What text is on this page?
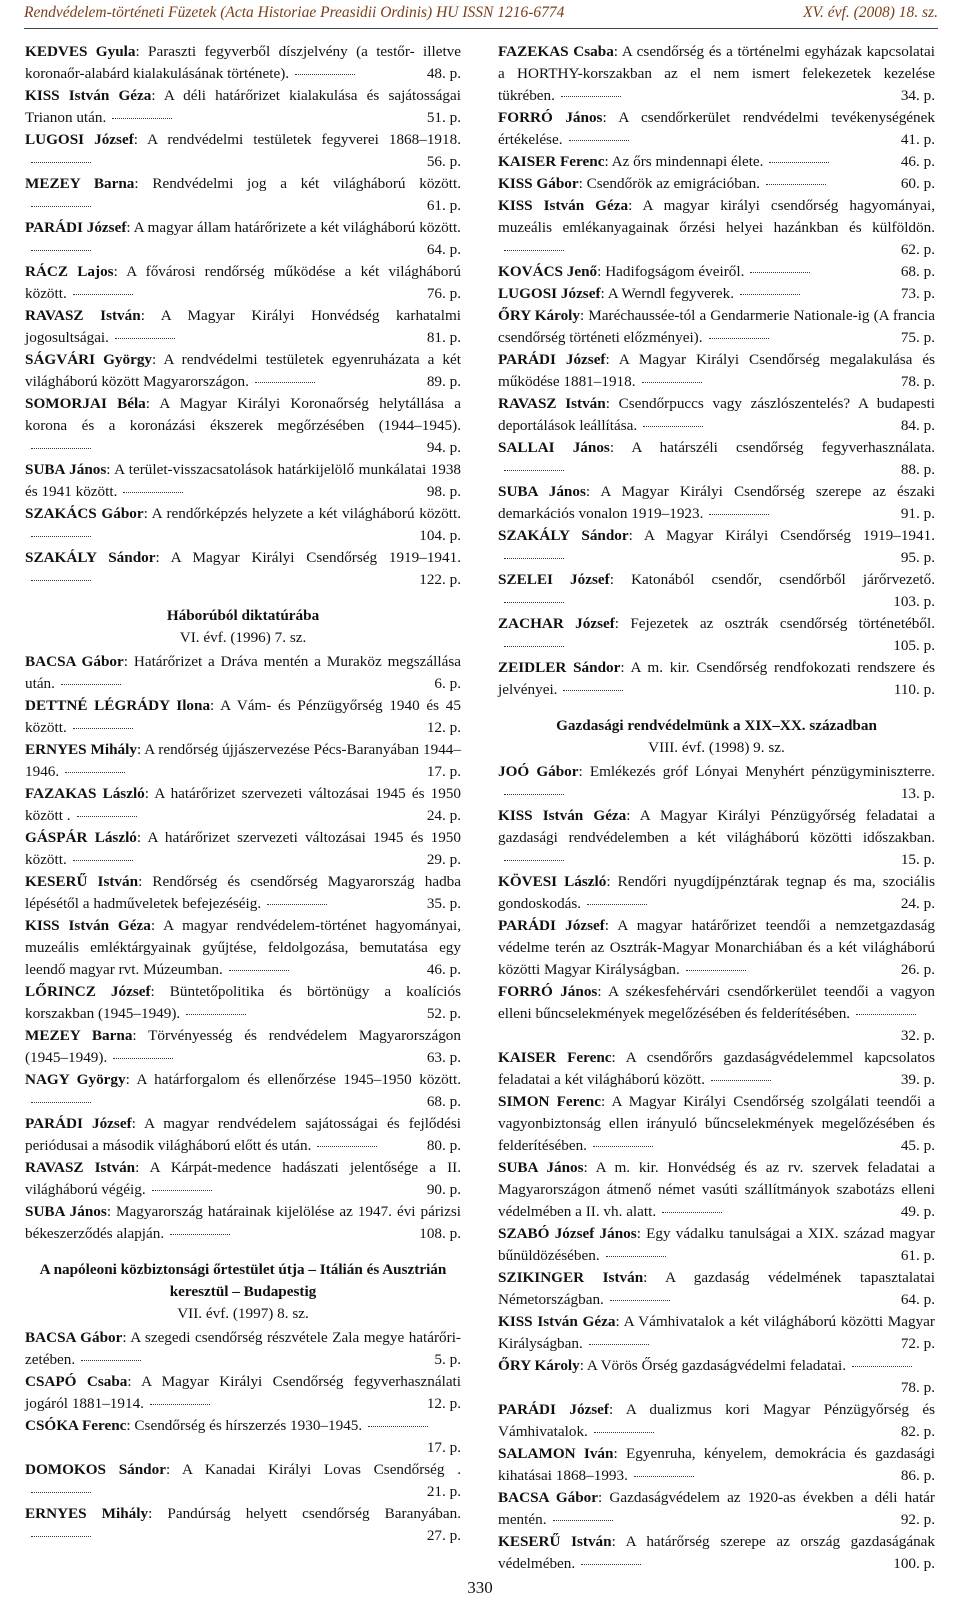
Rendvédelem-történeti Füzetek (Acta Historiae Preasidii Ordinis) HU ISSN 1216-6774	XV. évf. (2008) 18. sz.
KEDVES Gyula: Paraszti fegyverből díszjelvény (a testőr- illetve koronaőr-alabárd kialakulásának története).	48. p.
KISS István Géza: A déli határőrizet kialakulása és sajátosságai Trianon után.	51. p.
LUGOSI József: A rendvédelmi testületek fegyverei 1868–1918.
56. p.
MEZEY Barna: Rendvédelmi jog a két világháború között.
61. p.
PARÁDI József: A magyar állam határőrizete a két világháború között.
64. p.
RÁCZ Lajos: A fővárosi rendőrség működése a két világháború között.	76. p.
RAVASZ István: A Magyar Királyi Honvédség karhatalmi jogosultságai.	81. p.
SÁGVÁRI György: A rendvédelmi testületek egyenruházata a két világháború között Magyarországon.	89. p.
SOMORJAI Béla: A Magyar Királyi Koronaőrség helytállása a korona és a koronázási ékszerek megőrzésében (1944–1945).
94. p.
SUBA János: A terület-visszacsatolások határkijelölő munkálatai 1938 és 1941 között.	98. p.
SZAKÁCS Gábor: A rendőrképzés helyzete a két világháború között.
104. p.
SZAKÁLY Sándor: A Magyar Királyi Csendőrség 1919–1941.
122. p.
Háborúból diktatúrába
VI. évf. (1996) 7. sz.
BACSA Gábor: Határőrizet a Dráva mentén a Muraköz megszállása után.	6. p.
DETTNÉ LÉGRÁDY Ilona: A Vám- és Pénzügyőrség 1940 és 45 között.	12. p.
ERNYES Mihály: A rendőrség újjászervezése Pécs-Baranyában 1944–1946.	17. p.
FAZAKAS László: A határőrizet szervezeti változásai 1945 és 1950 között .	24. p.
GÁSPÁR László: A határőrizet szervezeti változásai 1945 és 1950 között.	29. p.
KESERŰ István: Rendőrség és csendőrség Magyarország hadba lépésétől a hadműveletek befejezéséig.	35. p.
KISS István Géza: A magyar rendvédelem-történet hagyományai, muzeális emléktárgyainak gyűjtése, feldolgozása, bemutatása egy leendő magyar rvt. Múzeumban.	46. p.
LŐRINCZ József: Büntetőpolitika és börtönügy a koalíciós korszakban (1945–1949).	52. p.
MEZEY Barna: Törvényesség és rendvédelem Magyarországon (1945–1949).	63. p.
NAGY György: A határforgalom és ellenőrzése 1945–1950 között.
68. p.
PARÁDI József: A magyar rendvédelem sajátosságai és fejlődési periódusai a második világháború előtt és után.	80. p.
RAVASZ István: A Kárpát-medence hadászati jelentősége a II. világháború végéig.	90. p.
SUBA János: Magyarország határainak kijelölése az 1947. évi párizsi békeszerződés alapján.	108. p.
A napóleoni közbiztonsági őrtestület útja – Itálián és Ausztrián keresztül – Budapestig
VII. évf. (1997) 8. sz.
BACSA Gábor: A szegedi csendőrség részvétele Zala megye határőri-zetében.	5. p.
CSAPÓ Csaba: A Magyar Királyi Csendőrség fegyverhasználati jogáról 1881–1914.	12. p.
CSÓKA Ferenc: Csendőrség és hírszerzés 1930–1945.
17. p.
DOMOKOS Sándor: A Kanadai Királyi Lovas Csendőrség .
21. p.
ERNYES Mihály: Pandúrság helyett csendőrség Baranyában.
27. p.
FAZEKAS Csaba: A csendőrség és a történelmi egyházak kapcsolatai a HORTHY-korszakban az el nem ismert felekezetek kezelése tükrében.	34. p.
FORRÓ János: A csendőrkerület rendvédelmi tevékenységének értékelése.	41. p.
KAISER Ferenc: Az őrs mindennapi élete.	46. p.
KISS Gábor: Csendőrök az emigrációban.	60. p.
KISS István Géza: A magyar királyi csendőrség hagyományai, muzeális emlékanyagainak őrzési helyei hazánkban és külföldön.
62. p.
KOVÁCS Jenő: Hadifogságom éveiről.	68. p.
LUGOSI József: A Werndl fegyverek.	73. p.
ŐRY Károly: Maréchaussée-tól a Gendarmerie Nationale-ig (A francia csendőrség történeti előzményei).	75. p.
PARÁDI József: A Magyar Királyi Csendőrség megalakulása és működése 1881–1918.	78. p.
RAVASZ István: Csendőrpuccs vagy zászlószentelés? A budapesti deportálások leállítása.	84. p.
SALLAI János: A határszéli csendőrség fegyverhasználata.
88. p.
SUBA János: A Magyar Királyi Csendőrség szerepe az északi demarkációs vonalon 1919–1923.	91. p.
SZAKÁLY Sándor: A Magyar Királyi Csendőrség 1919–1941.
95. p.
SZELEI József: Katonából csendőr, csendőrből járőrvezető.
103. p.
ZACHAR József: Fejezetek az osztrák csendőrség történetéből.
105. p.
ZEIDLER Sándor: A m. kir. Csendőrség rendfokozati rendszere és jelvényei.	110. p.
Gazdasági rendvédelmünk a XIX–XX. században
VIII. évf. (1998) 9. sz.
JOÓ Gábor: Emlékezés gróf Lónyai Menyhért pénzügyminiszterre.
13. p.
KISS István Géza: A Magyar Királyi Pénzügyőrség feladatai a gazdasági rendvédelemben a két világháború közötti időszakban.
15. p.
KÖVESI László: Rendőri nyugdíjpénztárak tegnap és ma, szociális gondoskodás.	24. p.
PARÁDI József: A magyar határőrizet teendői a nemzetgazdaság védelme terén az Osztrák-Magyar Monarchiában és a két világháború közötti Magyar Királyságban.	26. p.
FORRÓ János: A székesfehérvári csendőrkerület teendői a vagyon elleni bűncselekmények megelőzésében és felderítésében.
32. p.
KAISER Ferenc: A csendőrőrs gazdaságvédelemmel kapcsolatos feladatai a két világháború között.	39. p.
SIMON Ferenc: A Magyar Királyi Csendőrség szolgálati teendői a vagyonbiztonság ellen irányuló bűncselekmények megelőzésében és felderítésében.	45. p.
SUBA János: A m. kir. Honvédség és az rv. szervek feladatai a Magyarországon átmenő német vasúti szállítmányok szabotázs elleni védelmében a II. vh. alatt.	49. p.
SZABÓ József János: Egy vádalku tanulságai a XIX. század magyar bűnüldözésében.	61. p.
SZIKINGER István: A gazdaság védelmének tapasztalatai Németországban.	64. p.
KISS István Géza: A Vámhivatalok a két világháború közötti Magyar Királyságban.	72. p.
ŐRY Károly: A Vörös Őrség gazdaságvédelmi feladatai.
78. p.
PARÁDI József: A dualizmus kori Magyar Pénzügyőrség és Vámhivatalok.	82. p.
SALAMON Iván: Egyenruha, kényelem, demokrácia és gazdasági kihatásai 1868–1993.	86. p.
BACSA Gábor: Gazdaságvédelem az 1920-as években a déli határ mentén.	92. p.
KESERŰ István: A határőrség szerepe az ország gazdaságának védelmében.	100. p.
330
